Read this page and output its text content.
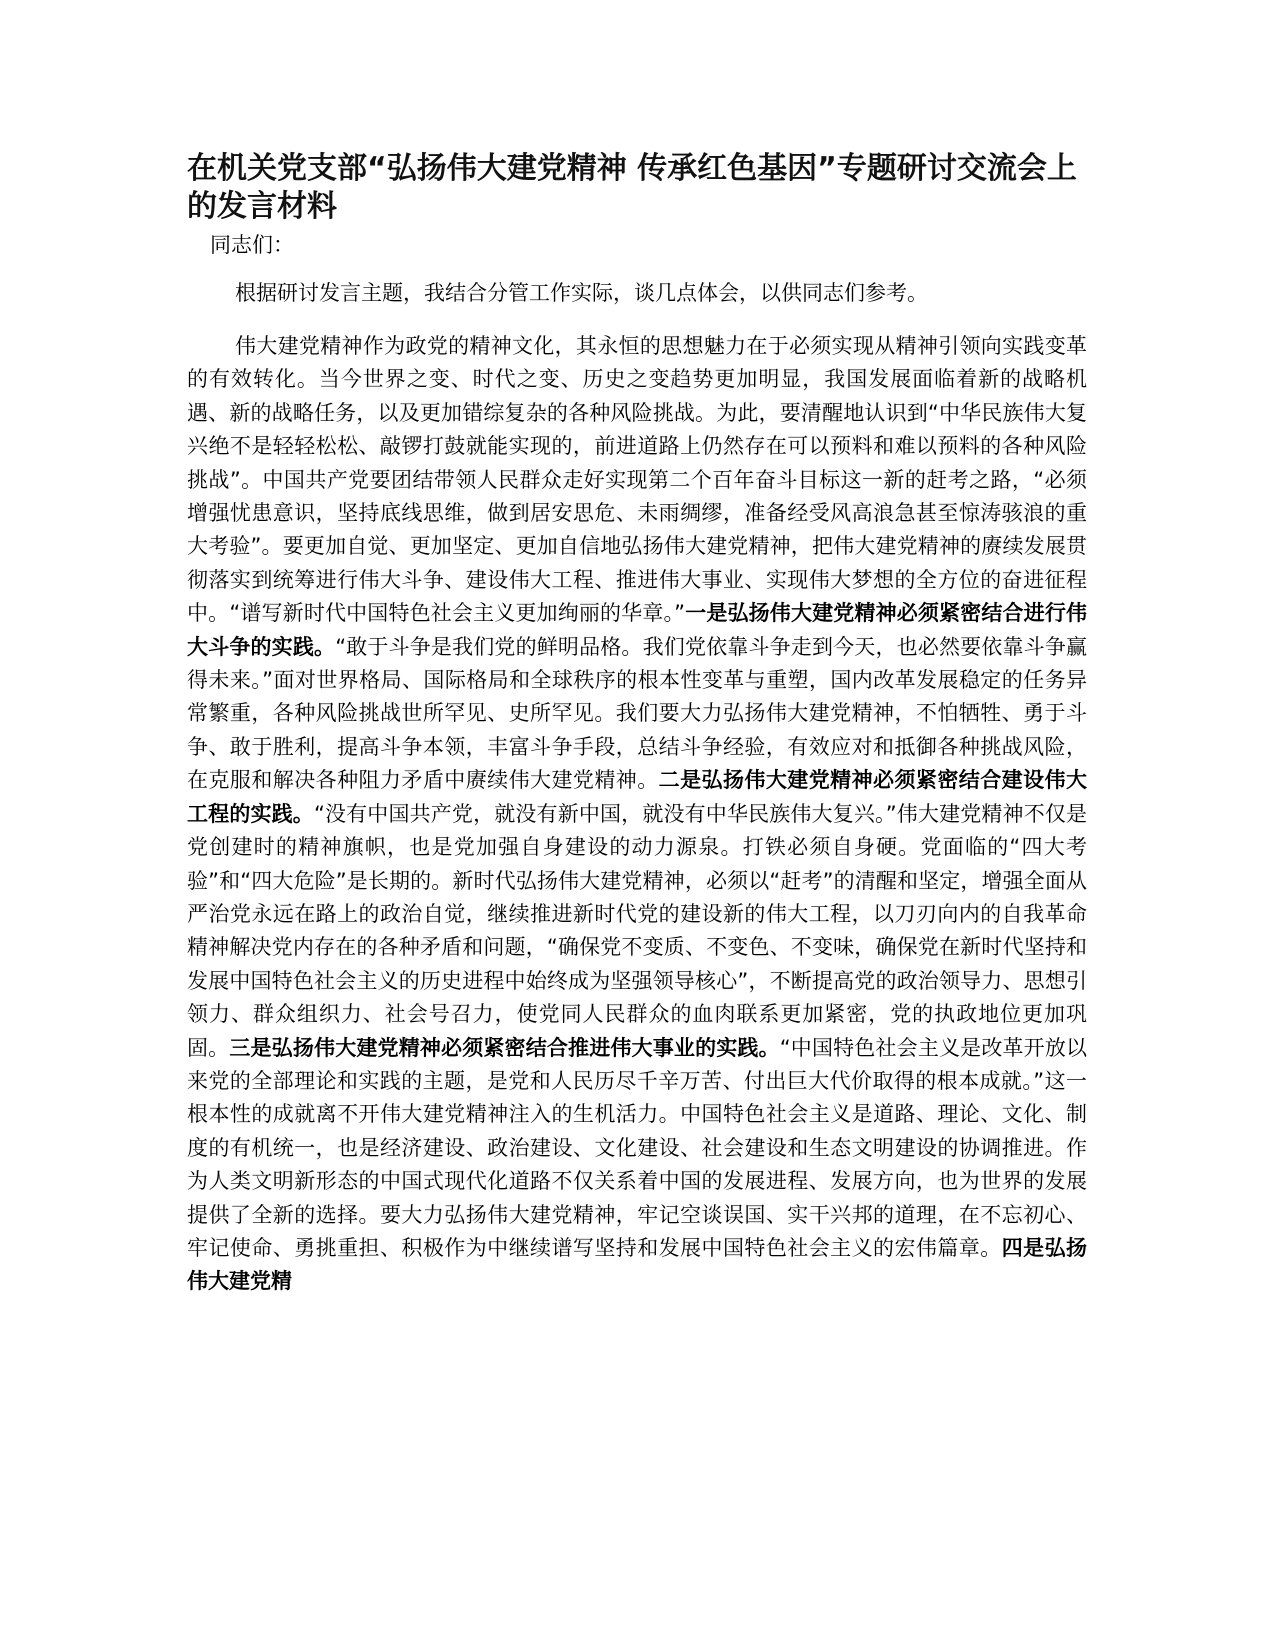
在机关党支部“弘扬伟大建党精神 传承红色基因”专题研讨交流会上的发言材料

同志们：

根据研讨发言主题，我结合分管工作实际，谈几点体会，以供同志们参考。

伟大建党精神作为政党的精神文化，其永恒的思想魅力在于必须实现从精神引领向实践变革的有效转化。当今世界之变、时代之变、历史之变趋势更加明显，我国发展面临着新的战略机遇、新的战略任务，以及更加错综复杂的各种风险挑战。为此，要清醒地认识到“中华民族伟大复兴绝不是轻轻松松、敲锣打鼓就能实现的，前进道路上仍然存在可以预料和难以预料的各种风险挑战”。中国共产党要团结带领人民群众走好实现第二个百年奋斗目标这一新的赶考之路，“必须增强忧患意识，坚持底线思维，做到居安思危、未雨绸缪，准备经受风高浪急甚至惊涛骇浪的重大考验”。要更加自觉、更加坚定、更加自信地弘扬伟大建党精神，把伟大建党精神的赓续发展贯彻落实到统筹进行伟大斗争、建设伟大工程、推进伟大事业、实现伟大梦想的全方位的奋进征程中。“谱写新时代中国特色社会主义更加绚丽的华章。”一是弘扬伟大建党精神必须紧密结合进行伟大斗争的实践。“敢于斗争是我们党的鲜明品格。我们党依靠斗争走到今天，也必然要依靠斗争赢得未来。”面对世界格局、国际格局和全球秩序的根本性变革与重塑，国内改革发展稳定的任务异常繁重，各种风险挑战世所罕见、史所罕见。我们要大力弘扬伟大建党精神，不怕牺牲、勇于斗争、敢于胜利，提高斗争本领，丰富斗争手段，总结斗争经验，有效应对和抵御各种挑战风险，在克服和解决各种阻力矛盾中赓续伟大建党精神。二是弘扬伟大建党精神必须紧密结合建设伟大工程的实践。“没有中国共产党，就没有新中国，就没有中华民族伟大复兴。”伟大建党精神不仅是党创建时的精神旗帜，也是党加强自身建设的动力源泉。打铁必须自身硬。党面临的“四大考验”和“四大危险”是长期的。新时代弘扬伟大建党精神，必须以“赶考”的清醒和坚定，增强全面从严治党永远在路上的政治自觉，继续推进新时代党的建设新的伟大工程，以刀刃向内的自我革命精神解决党内存在的各种矛盾和问题，“确保党不变质、不变色、不变味，确保党在新时代坚持和发展中国特色社会主义的历史进程中始终成为坚强领导核心”，不断提高党的政治领导力、思想引领力、群众组织力、社会号召力，使党同人民群众的血肉联系更加紧密，党的执政地位更加巩固。三是弘扬伟大建党精神必须紧密结合推进伟大事业的实践。“中国特色社会主义是改革开放以来党的全部理论和实践的主题，是党和人民历尽千辛万苦、付出巨大代价取得的根本成就。”这一根本性的成就离不开伟大建党精神注入的生机活力。中国特色社会主义是道路、理论、文化、制度的有机统一，也是经济建设、政治建设、文化建设、社会建设和生态文明建设的协调推进。作为人类文明新形态的中国式现代化道路不仅关系着中国的发展进程、发展方向，也为世界的发展提供了全新的选择。要大力弘扬伟大建党精神，牢记空谈误国、实干兴邦的道理，在不忘初心、牢记使命、勇挑重担、积极作为中继续谱写坚持和发展中国特色社会主义的宏伟篇章。四是弘扬伟大建党精
